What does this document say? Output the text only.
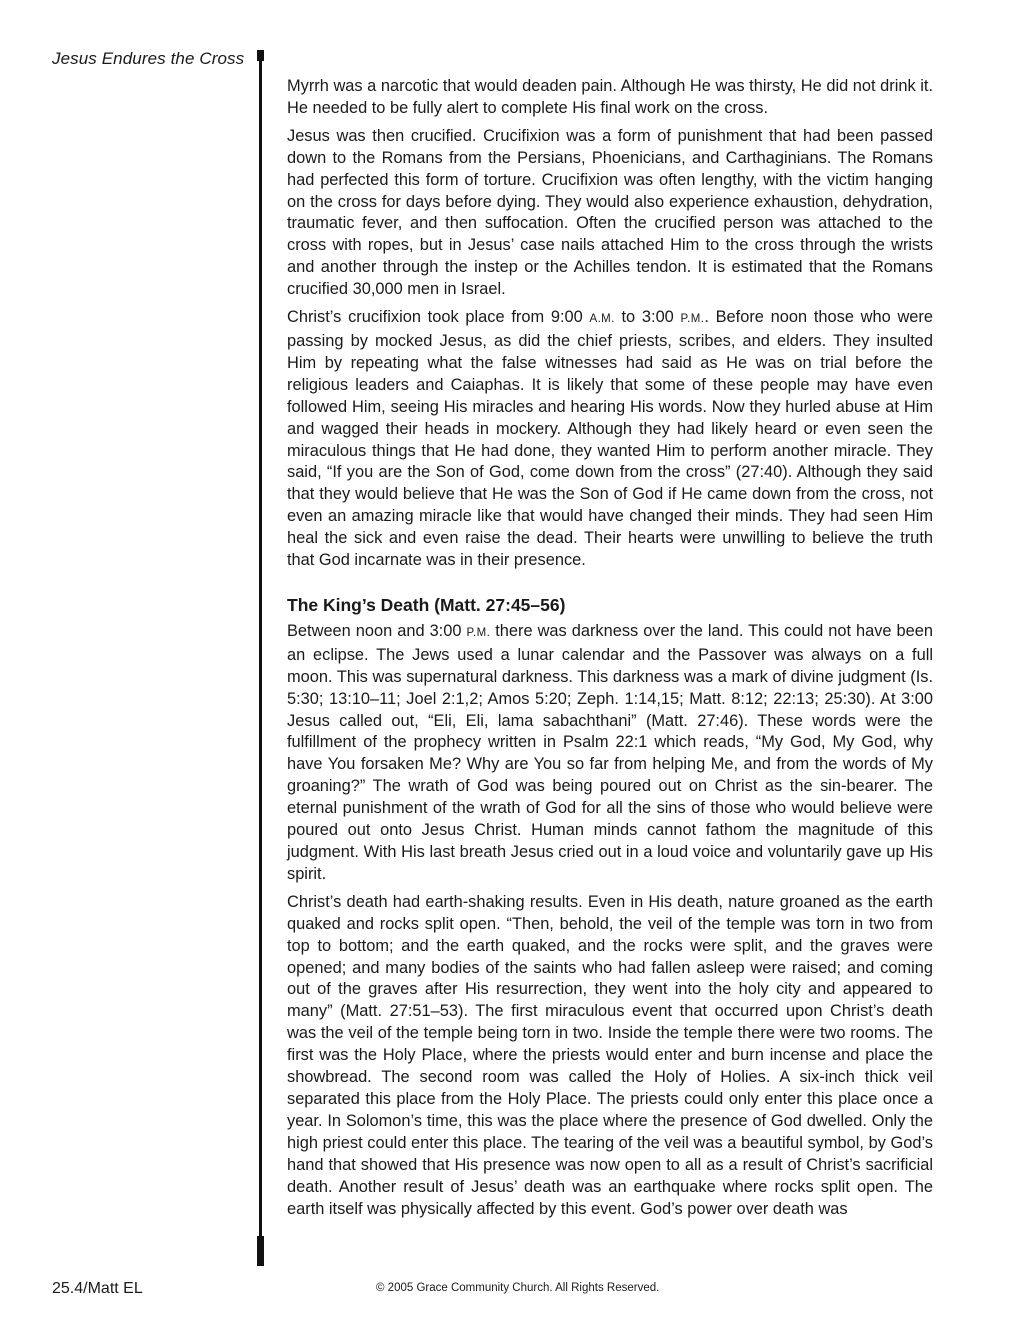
Jesus Endures the Cross

Myrrh was a narcotic that would deaden pain. Although He was thirsty, He did not drink it. He needed to be fully alert to complete His final work on the cross.

Jesus was then crucified. Crucifixion was a form of punishment that had been passed down to the Romans from the Persians, Phoenicians, and Carthaginians. The Romans had perfected this form of torture. Crucifixion was often lengthy, with the victim hanging on the cross for days before dying. They would also experience exhaustion, dehydration, traumatic fever, and then suffocation. Often the crucified person was attached to the cross with ropes, but in Jesus’ case nails attached Him to the cross through the wrists and another through the instep or the Achilles tendon. It is estimated that the Romans crucified 30,000 men in Israel.

Christ’s crucifixion took place from 9:00 A.M. to 3:00 P.M.. Before noon those who were passing by mocked Jesus, as did the chief priests, scribes, and elders. They insulted Him by repeating what the false witnesses had said as He was on trial before the religious leaders and Caiaphas. It is likely that some of these people may have even followed Him, seeing His miracles and hearing His words. Now they hurled abuse at Him and wagged their heads in mockery. Although they had likely heard or even seen the miraculous things that He had done, they wanted Him to perform another miracle. They said, “If you are the Son of God, come down from the cross” (27:40). Although they said that they would believe that He was the Son of God if He came down from the cross, not even an amazing miracle like that would have changed their minds. They had seen Him heal the sick and even raise the dead. Their hearts were unwilling to believe the truth that God incarnate was in their presence.

The King’s Death (Matt. 27:45–56)

Between noon and 3:00 P.M. there was darkness over the land. This could not have been an eclipse. The Jews used a lunar calendar and the Passover was always on a full moon. This was supernatural darkness. This darkness was a mark of divine judgment (Is. 5:30; 13:10–11; Joel 2:1,2; Amos 5:20; Zeph. 1:14,15; Matt. 8:12; 22:13; 25:30). At 3:00 Jesus called out, “Eli, Eli, lama sabachthani” (Matt. 27:46). These words were the fulfillment of the prophecy written in Psalm 22:1 which reads, “My God, My God, why have You forsaken Me? Why are You so far from helping Me, and from the words of My groaning?” The wrath of God was being poured out on Christ as the sin-bearer. The eternal punishment of the wrath of God for all the sins of those who would believe were poured out onto Jesus Christ. Human minds cannot fathom the magnitude of this judgment. With His last breath Jesus cried out in a loud voice and voluntarily gave up His spirit.

Christ’s death had earth-shaking results. Even in His death, nature groaned as the earth quaked and rocks split open. “Then, behold, the veil of the temple was torn in two from top to bottom; and the earth quaked, and the rocks were split, and the graves were opened; and many bodies of the saints who had fallen asleep were raised; and coming out of the graves after His resurrection, they went into the holy city and appeared to many” (Matt. 27:51–53). The first miraculous event that occurred upon Christ’s death was the veil of the temple being torn in two. Inside the temple there were two rooms. The first was the Holy Place, where the priests would enter and burn incense and place the showbread. The second room was called the Holy of Holies. A six-inch thick veil separated this place from the Holy Place. The priests could only enter this place once a year. In Solomon’s time, this was the place where the presence of God dwelled. Only the high priest could enter this place. The tearing of the veil was a beautiful symbol, by God’s hand that showed that His presence was now open to all as a result of Christ’s sacrificial death. Another result of Jesus’ death was an earthquake where rocks split open. The earth itself was physically affected by this event. God’s power over death was

25.4/Matt EL	© 2005 Grace Community Church. All Rights Reserved.
